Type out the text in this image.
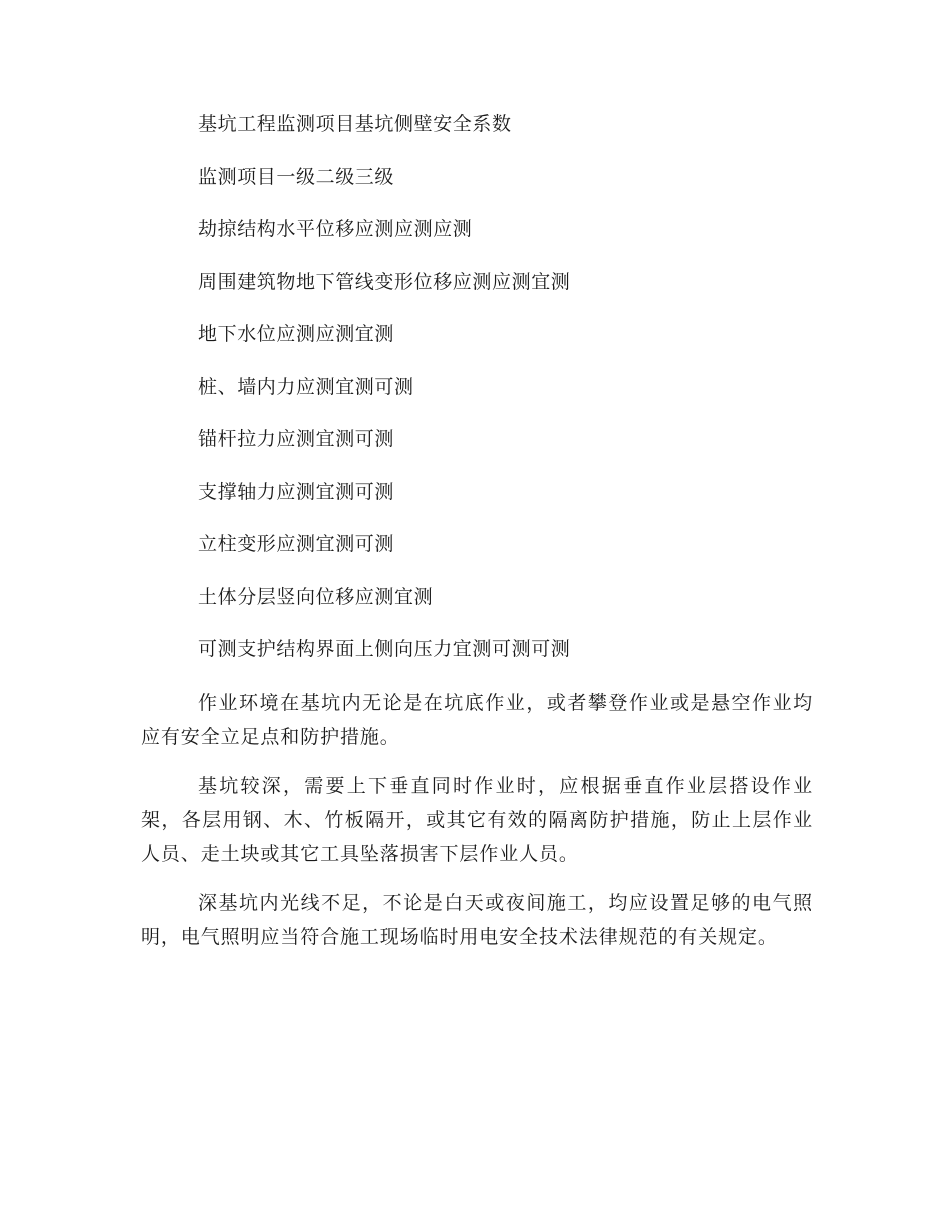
基坑工程监测项目基坑侧壁安全系数

监测项目一级二级三级

劫掠结构水平位移应测应测应测

周围建筑物地下管线变形位移应测应测宜测

地下水位应测应测宜测

桩、墙内力应测宜测可测

锚杆拉力应测宜测可测

支撑轴力应测宜测可测

立柱变形应测宜测可测

土体分层竖向位移应测宜测

可测支护结构界面上侧向压力宜测可测可测

作业环境在基坑内无论是在坑底作业，或者攀登作业或是悬空作业均应有安全立足点和防护措施。

基坑较深，需要上下垂直同时作业时，应根据垂直作业层搭设作业架，各层用钢、木、竹板隔开，或其它有效的隔离防护措施，防止上层作业人员、走土块或其它工具坠落损害下层作业人员。

深基坑内光线不足，不论是白天或夜间施工，均应设置足够的电气照明，电气照明应当符合施工现场临时用电安全技术法律规范的有关规定。
